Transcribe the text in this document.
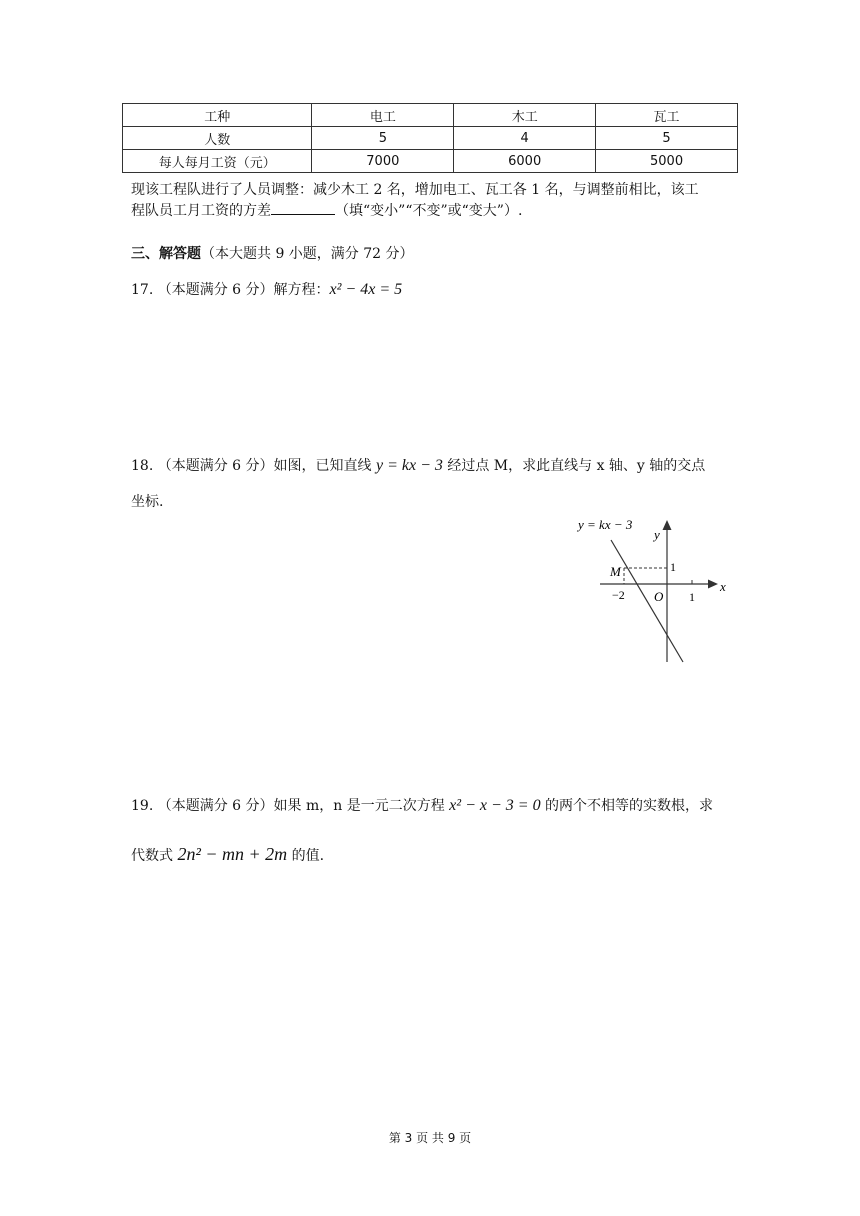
工种	电工	木工	瓦工
人数	5	4	5
每人每月工资（元）	7000	6000	5000
现该工程队进行了人员调整：减少木工 2 名，增加电工、瓦工各 1 名，与调整前相比，该工
程队员工月工资的方差	（填“变小”“不变”或“变大”）.
三、解答题（本大题共 9 小题，满分 72 分）
17. （本题满分 6 分）解方程：x² − 4x = 5
18. （本题满分 6 分）如图，已知直线 y = kx − 3 经过点 M，求此直线与 x 轴、y 轴的交点
坐标.
y = kx − 3
y
x
M	1
−2 O 1
19. （本题满分 6 分）如果 m，n 是一元二次方程 x² − x − 3 = 0 的两个不相等的实数根，求
代数式 2n² − mn + 2m 的值.
第 3 页 共 9 页
